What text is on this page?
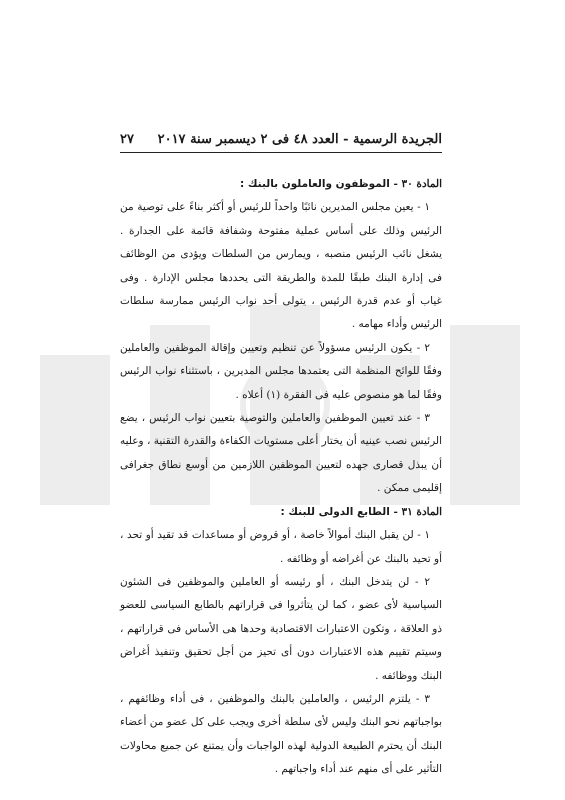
الجريدة الرسمية - العدد ٤٨ فى ٢ ديسمبر سنة ٢٠١٧
٢٧

المادة ٣٠ - الموظفون والعاملون بالبنك :

١ - يعين مجلس المديرين نائبًا واحداً للرئيس أو أكثر بناءً على توصية من الرئيس وذلك على أساس عملية مفتوحة وشفافة قائمة على الجدارة . يشغل نائب الرئيس منصبه ، ويمارس من السلطات ويؤدى من الوظائف فى إدارة البنك طبقًا للمدة والطريقة التى يحددها مجلس الإدارة . وفى غياب أو عدم قدرة الرئيس ، يتولى أحد نواب الرئيس ممارسة سلطات الرئيس وأداء مهامه .

٢ - يكون الرئيس مسؤولاً عن تنظيم وتعيين وإقالة الموظفين والعاملين وفقًا للوائح المنظمة التى يعتمدها مجلس المديرين ، باستثناء نواب الرئيس وفقًا لما هو منصوص عليه فى الفقرة (١) أعلاه .

٣ - عند تعيين الموظفين والعاملين والتوصية بتعيين نواب الرئيس ، يضع الرئيس نصب عينيه أن يختار أعلى مستويات الكفاءة والقدرة التقنية ، وعليه أن يبذل قصارى جهده لتعيين الموظفين اللازمين من أوسع نطاق جغرافى إقليمى ممكن .

المادة ٣١ - الطابع الدولى للبنك :

١ - لن يقبل البنك أموالاً خاصة ، أو قروض أو مساعدات قد تقيد أو تحد ، أو تحيد بالبنك عن أغراضه أو وظائفه .

٢ - لن يتدخل البنك ، أو رئيسه أو العاملين والموظفين فى الشئون السياسية لأى عضو ، كما لن يتأثروا فى قراراتهم بالطابع السياسى للعضو ذو العلاقة ، وتكون الاعتبارات الاقتصادية وحدها هى الأساس فى قراراتهم ، وسيتم تقييم هذه الاعتبارات دون أى تحيز من أجل تحقيق وتنفيذ أغراض البنك ووظائفه .

٣ - يلتزم الرئيس ، والعاملين بالبنك والموظفين ، فى أداء وظائفهم ، بواجباتهم نحو البنك وليس لأى سلطة أخرى ويجب على كل عضو من أعضاء البنك أن يحترم الطبيعة الدولية لهذه الواجبات وأن يمتنع عن جميع محاولات التأثير على أى منهم عند أداء واجباتهم .
